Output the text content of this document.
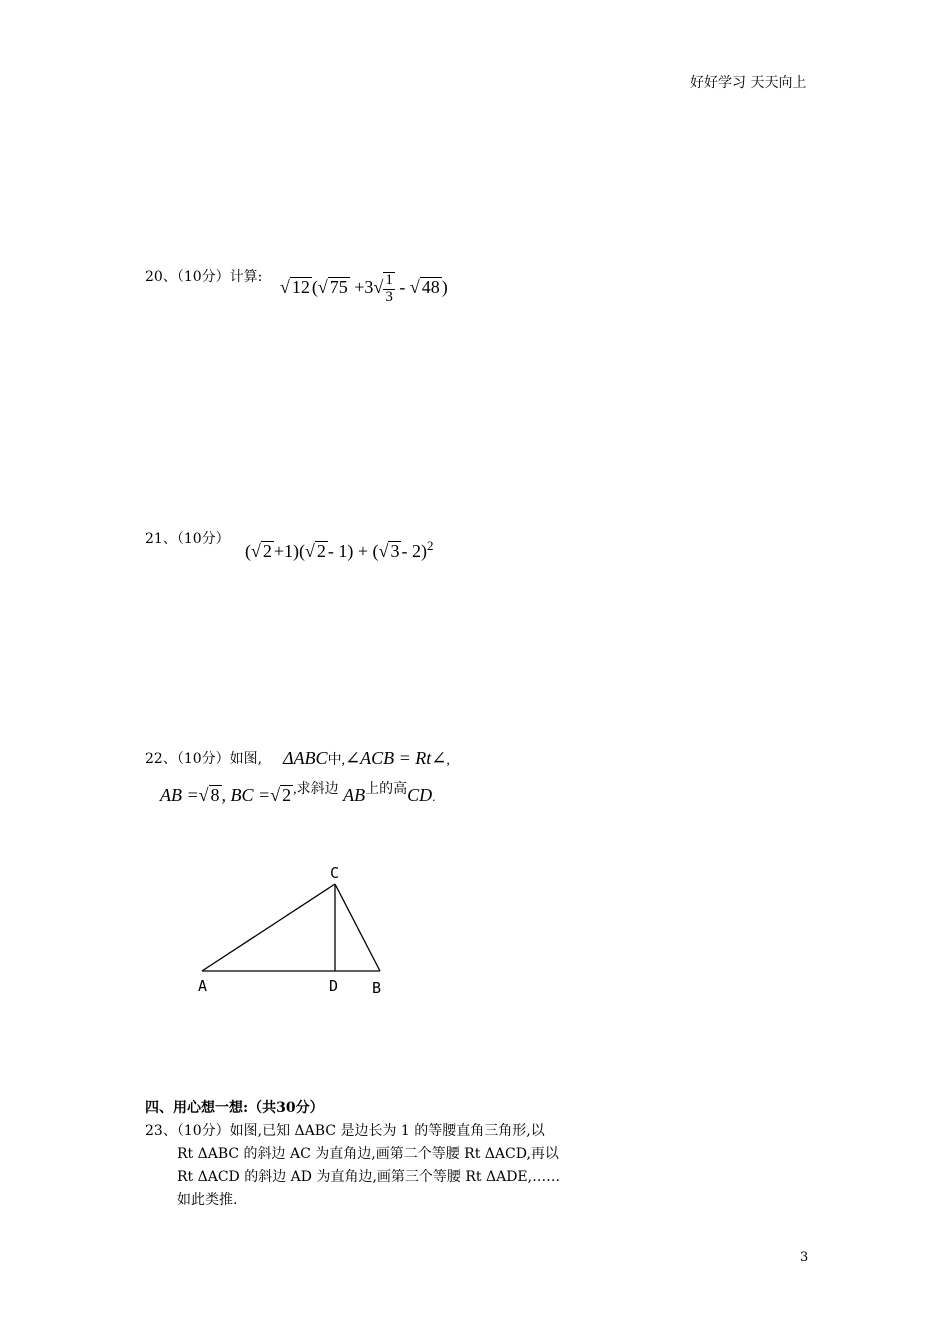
好好学习 天天向上
20、（10分）计算: √ 12 (√ $75 +3√ \frac{1}{3}$ - √ 48 )
21、（10分）
(√ 2 +1)(√ 2 - 1) + (√ 3 - 2)$^2$
22、（10分）如图, ΔABC中,∠ACB = Rt∠,
AB =√ 8 , BC =√ 2 $^{,求斜边}$ $AB^{上的高}CD$.
C
A	D B
四、用心想一想:（共30分）
23、（10分）如图,已知 ΔABC 是边长为 1 的等腰直角三角形,以
Rt ΔABC 的斜边 AC 为直角边,画第二个等腰 Rt ΔACD,再以
Rt ΔACD 的斜边 AD 为直角边,画第三个等腰 Rt ΔADE,……
如此类推.
3
